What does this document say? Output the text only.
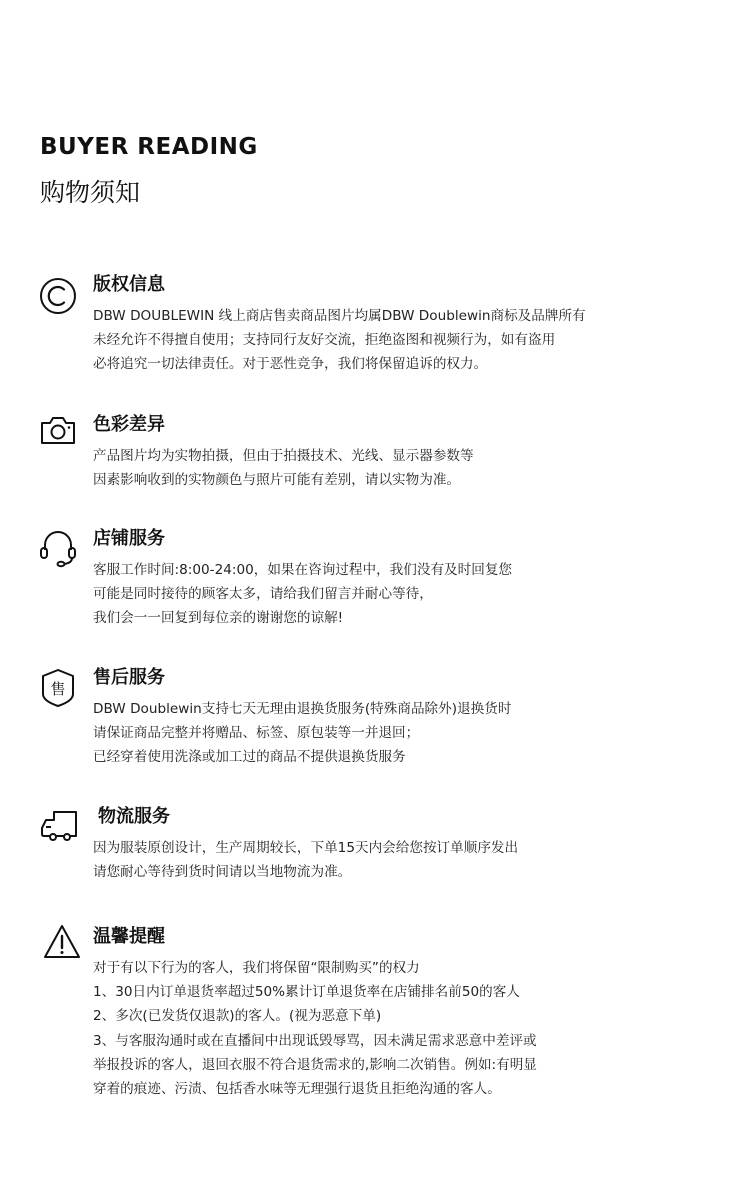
BUYER READING
购物须知
版权信息
DBW DOUBLEWIN 线上商店售卖商品图片均属DBW Doublewin商标及品牌所有
未经允许不得擅自使用；支持同行友好交流，拒绝盗图和视频行为，如有盗用
必将追究一切法律责任。对于恶性竞争，我们将保留追诉的权力。
色彩差异
产品图片均为实物拍摄，但由于拍摄技术、光线、显示器参数等
因素影响收到的实物颜色与照片可能有差别，请以实物为准。
店铺服务
客服工作时间:8:00-24:00，如果在咨询过程中，我们没有及时回复您
可能是同时接待的顾客太多，请给我们留言并耐心等待，
我们会一一回复到每位亲的谢谢您的谅解!
售
售后服务
DBW Doublewin支持七天无理由退换货服务(特殊商品除外)退换货时
请保证商品完整并将赠品、标签、原包装等一并退回；
已经穿着使用洗涤或加工过的商品不提供退换货服务
物流服务
因为服装原创设计，生产周期较长，下单15天内会给您按订单顺序发出
请您耐心等待到货时间请以当地物流为准。
温馨提醒
对于有以下行为的客人，我们将保留“限制购买”的权力
1、30日内订单退货率超过50%累计订单退货率在店铺排名前50的客人
2、多次(已发货仅退款)的客人。(视为恶意下单)
3、与客服沟通时或在直播间中出现诋毁辱骂，因未满足需求恶意中差评或
举报投诉的客人，退回衣服不符合退货需求的,影响二次销售。例如:有明显
穿着的痕迹、污渍、包括香水味等无理强行退货且拒绝沟通的客人。
